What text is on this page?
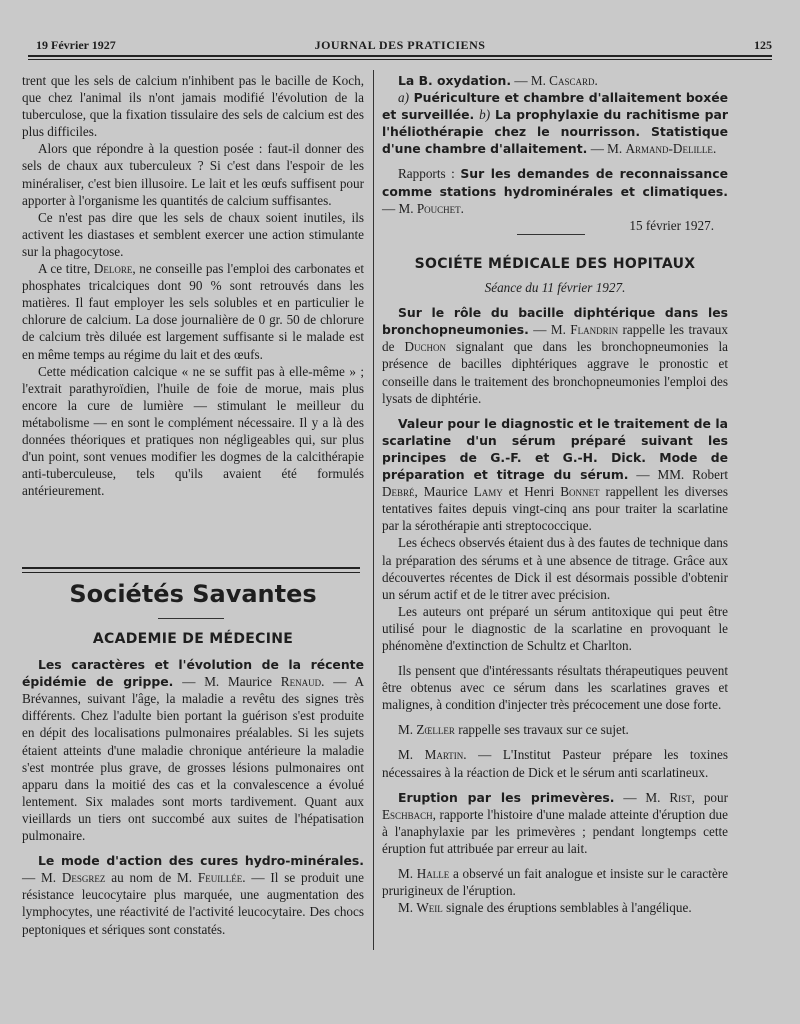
19 Février 1927	JOURNAL DES PRATICIENS	125

trent que les sels de calcium n'inhibent pas le bacille de Koch, que chez l'animal ils n'ont jamais modifié l'évolution de la tuberculose, que la fixation tissulaire des sels de calcium est des plus difficiles.

Alors que répondre à la question posée : faut-il donner des sels de chaux aux tuberculeux ? Si c'est dans l'espoir de les minéraliser, c'est bien illusoire. Le lait et les œufs suffisent pour apporter à l'organisme les quantités de calcium suffisantes.

Ce n'est pas dire que les sels de chaux soient inutiles, ils activent les diastases et semblent exercer une action stimulante sur la phagocytose.

A ce titre, Delore, ne conseille pas l'emploi des carbonates et phosphates tricalciques dont 90 % sont retrouvés dans les matières. Il faut employer les sels solubles et en particulier le chlorure de calcium. La dose journalière de 0 gr. 50 de chlorure de calcium très diluée est largement suffisante si le malade est en même temps au régime du lait et des œufs.

Cette médication calcique « ne se suffit pas à elle-même » ; l'extrait parathyroïdien, l'huile de foie de morue, mais plus encore la cure de lumière — stimulant le meilleur du métabolisme — en sont le complément nécessaire. Il y a là des données théoriques et pratiques non négligeables qui, sur plus d'un point, sont venues modifier les dogmes de la calcithérapie anti-tuberculeuse, tels qu'ils avaient été formulés antérieurement.

Sociétés Savantes

ACADEMIE DE MÉDECINE

Les caractères et l'évolution de la récente épidémie de grippe. — M. Maurice Renaud. — A Brévannes, suivant l'âge, la maladie a revêtu des signes très différents. Chez l'adulte bien portant la guérison s'est produite en dépit des localisations pulmonaires préalables. Si les sujets étaient atteints d'une maladie chronique antérieure la maladie s'est montrée plus grave, de grosses lésions pulmonaires ont apparu dans la moitié des cas et la convalescence a évolué lentement. Six malades sont morts tardivement. Quant aux vieillards un tiers ont succombé aux suites de l'hépatisation pulmonaire.

Le mode d'action des cures hydro-minérales. — M. Desgrez au nom de M. Feuillée. — Il se produit une résistance leucocytaire plus marquée, une augmentation des lymphocytes, une réactivité de l'activité leucocytaire. Des chocs peptoniques et sériques sont constatés.

La B. oxydation. — M. Cascard.

a) Puériculture et chambre d'allaitement boxée et surveillée. b) La prophylaxie du rachitisme par l'héliothérapie chez le nourrisson. Statistique d'une chambre d'allaitement. — M. Armand-Delille.

Rapports : Sur les demandes de reconnaissance comme stations hydrominérales et climatiques. — M. Pouchet.

15 février 1927.

SOCIÉTE MÉDICALE DES HOPITAUX

Séance du 11 février 1927.

Sur le rôle du bacille diphtérique dans les bronchopneumonies. — M. Flandrin rappelle les travaux de Duchon signalant que dans les bronchopneumonies la présence de bacilles diphtériques aggrave le pronostic et conseille dans le traitement des bronchopneumonies l'emploi des lysats de diphtérie.

Valeur pour le diagnostic et le traitement de la scarlatine d'un sérum préparé suivant les principes de G.-F. et G.-H. Dick. Mode de préparation et titrage du sérum. — MM. Robert Debré, Maurice Lamy et Henri Bonnet rappellent les diverses tentatives faites depuis vingt-cinq ans pour traiter la scarlatine par la sérothérapie anti streptococcique.

Les échecs observés étaient dus à des fautes de technique dans la préparation des sérums et à une absence de titrage. Grâce aux découvertes récentes de Dick il est désormais possible d'obtenir un sérum actif et de le titrer avec précision.

Les auteurs ont préparé un sérum antitoxique qui peut être utilisé pour le diagnostic de la scarlatine en provoquant le phénomène d'extinction de Schultz et Charlton.

Ils pensent que d'intéressants résultats thérapeutiques peuvent être obtenus avec ce sérum dans les scarlatines graves et malignes, à condition d'injecter très précocement une dose forte.

M. Zœller rappelle ses travaux sur ce sujet.

M. Martin. — L'Institut Pasteur prépare les toxines nécessaires à la réaction de Dick et le sérum anti scarlatineux.

Eruption par les primevères. — M. Rist, pour Eschbach, rapporte l'histoire d'une malade atteinte d'éruption due à l'anaphylaxie par les primevères ; pendant longtemps cette éruption fut attribuée par erreur au lait.

M. Halle a observé un fait analogue et insiste sur le caractère prurigineux de l'éruption.

M. Weil signale des éruptions semblables à l'angélique.
